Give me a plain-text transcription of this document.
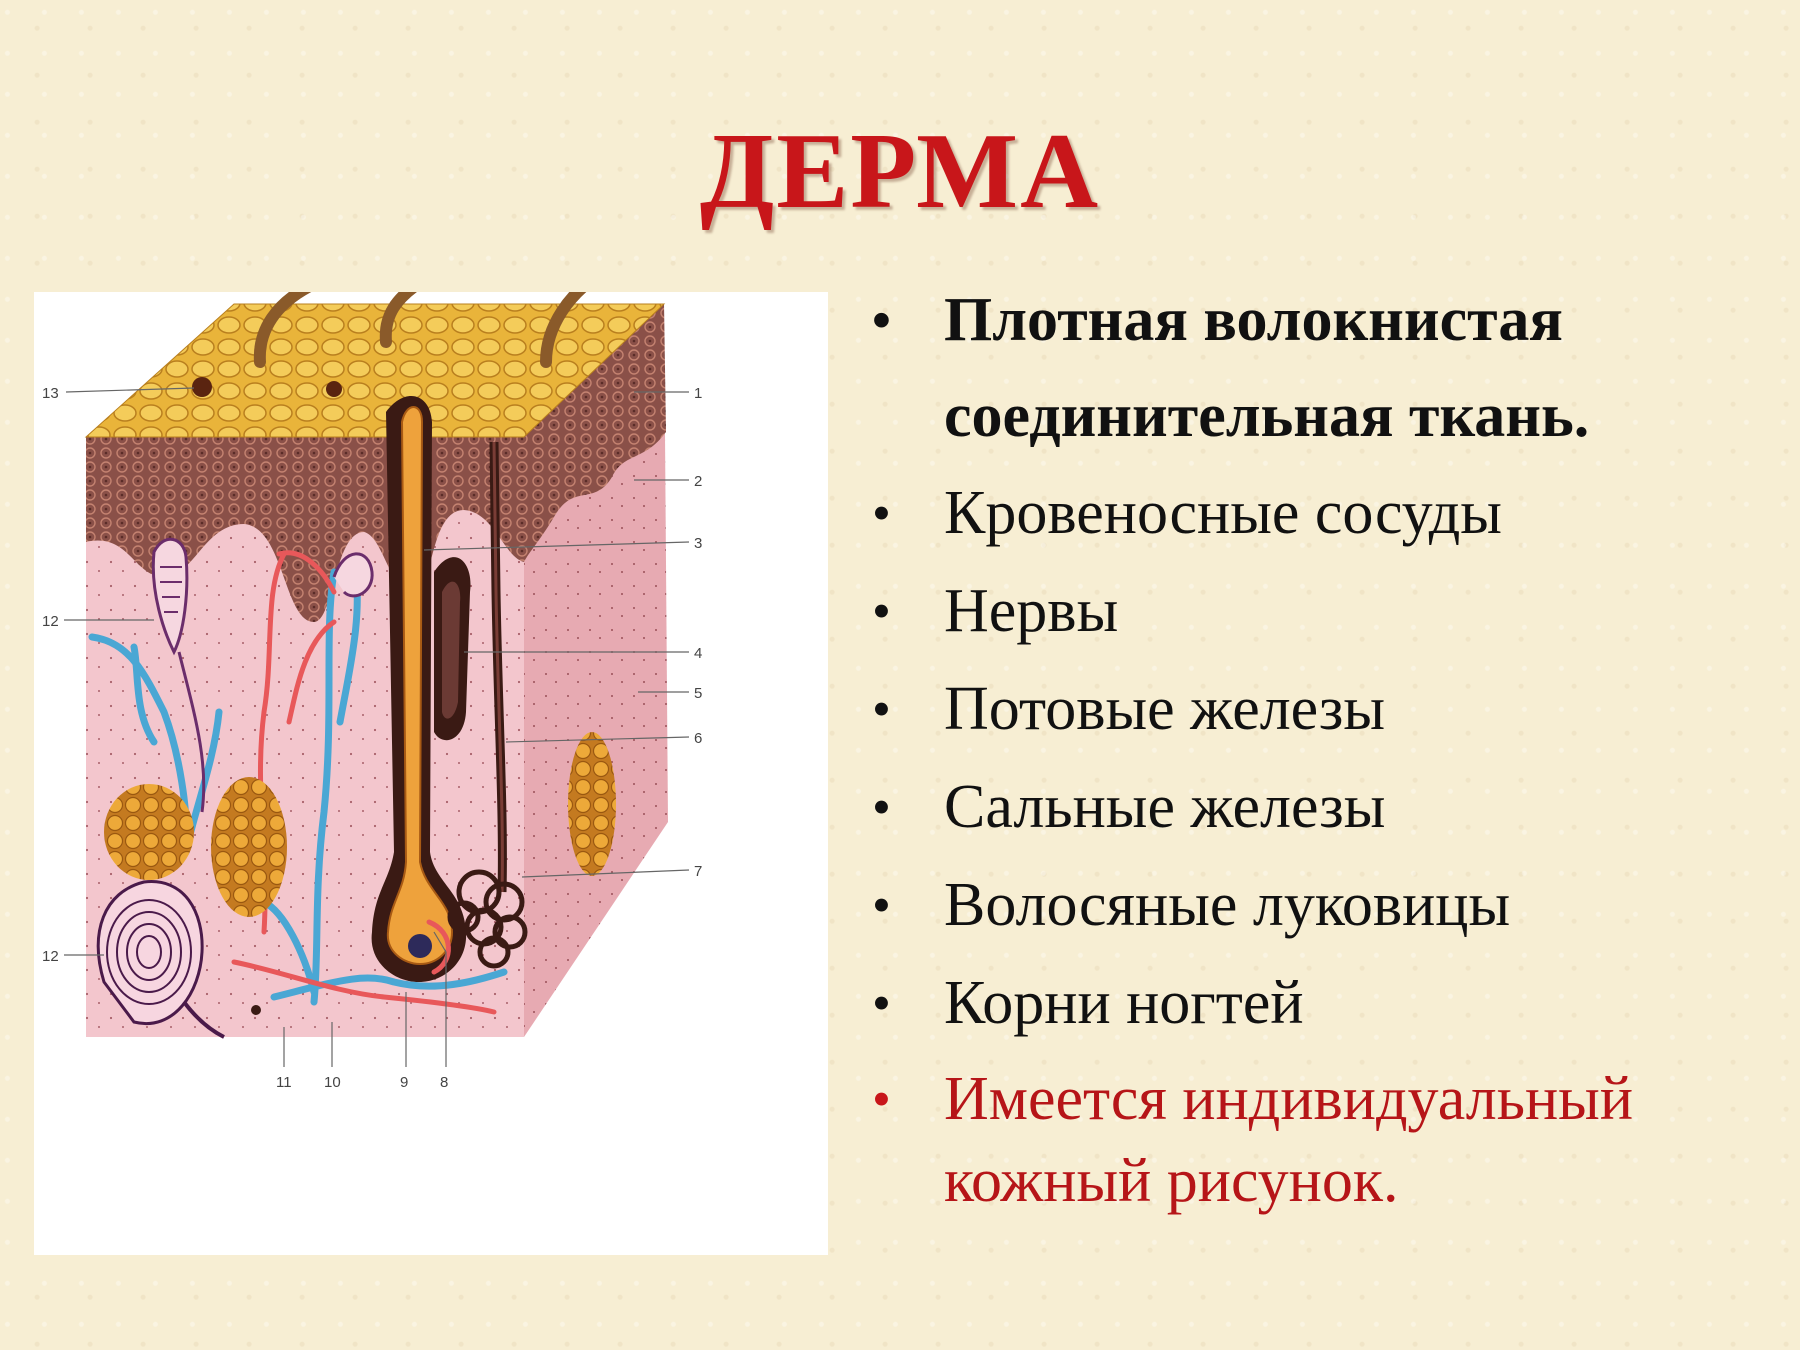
ДЕРМА
13	1
2
3
4
5
6
7
12
12
11 10	9 8
• Плотная волокнистая соединительная ткань.
• Кровеносные сосуды
• Нервы
• Потовые железы
• Сальные железы
• Волосяные луковицы
• Корни ногтей
• Имеется индивидуальный кожный рисунок.
